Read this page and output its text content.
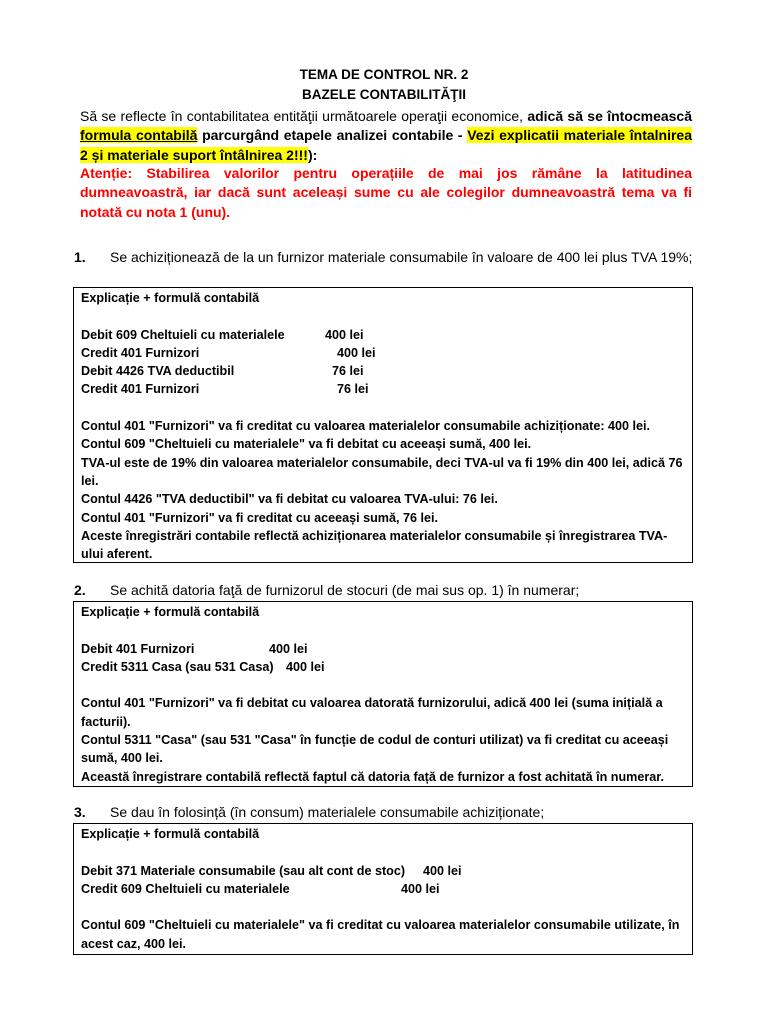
TEMA DE CONTROL NR. 2
BAZELE CONTABILITĂŢII
Să se reflecte în contabilitatea entităţii următoarele operaţii economice, adică să se întocmească formula contabilă parcurgând etapele analizei contabile - Vezi explicatii materiale întalnirea 2 și materiale suport întâlnirea 2!!!):
Atenție: Stabilirea valorilor pentru operațiile de mai jos rămâne la latitudinea dumneavoastră, iar dacă sunt aceleași sume cu ale colegilor dumneavoastră tema va fi notată cu nota 1 (unu).
1. Se achiziționează de la un furnizor materiale consumabile în valoare de 400 lei plus TVA 19%;
Explicație + formulă contabilă
Debit 609 Cheltuieli cu materialele	400 lei
Credit 401 Furnizori	400 lei
Debit 4426 TVA deductibil	76 lei
Credit 401 Furnizori	76 lei
Contul 401 "Furnizori" va fi creditat cu valoarea materialelor consumabile achiziționate: 400 lei.
Contul 609 "Cheltuieli cu materialele" va fi debitat cu aceeași sumă, 400 lei.
TVA-ul este de 19% din valoarea materialelor consumabile, deci TVA-ul va fi 19% din 400 lei, adică 76 lei.
Contul 4426 "TVA deductibil" va fi debitat cu valoarea TVA-ului: 76 lei.
Contul 401 "Furnizori" va fi creditat cu aceeași sumă, 76 lei.
Aceste înregistrări contabile reflectă achiziționarea materialelor consumabile și înregistrarea TVA-ului aferent.
2. Se achită datoria faţă de furnizorul de stocuri (de mai sus op. 1) în numerar;
Explicație + formulă contabilă
Debit 401 Furnizori	400 lei
Credit 5311 Casa (sau 531 Casa) 400 lei
Contul 401 "Furnizori" va fi debitat cu valoarea datorată furnizorului, adică 400 lei (suma inițială a facturii).
Contul 5311 "Casa" (sau 531 "Casa" în funcție de codul de conturi utilizat) va fi creditat cu aceeași sumă, 400 lei.
Această înregistrare contabilă reflectă faptul că datoria față de furnizor a fost achitată în numerar.
3. Se dau în folosință (în consum) materialele consumabile achiziționate;
Explicație + formulă contabilă
Debit 371 Materiale consumabile (sau alt cont de stoc) 400 lei
Credit 609 Cheltuieli cu materialele	400 lei
Contul 609 "Cheltuieli cu materialele" va fi creditat cu valoarea materialelor consumabile utilizate, în acest caz, 400 lei.
